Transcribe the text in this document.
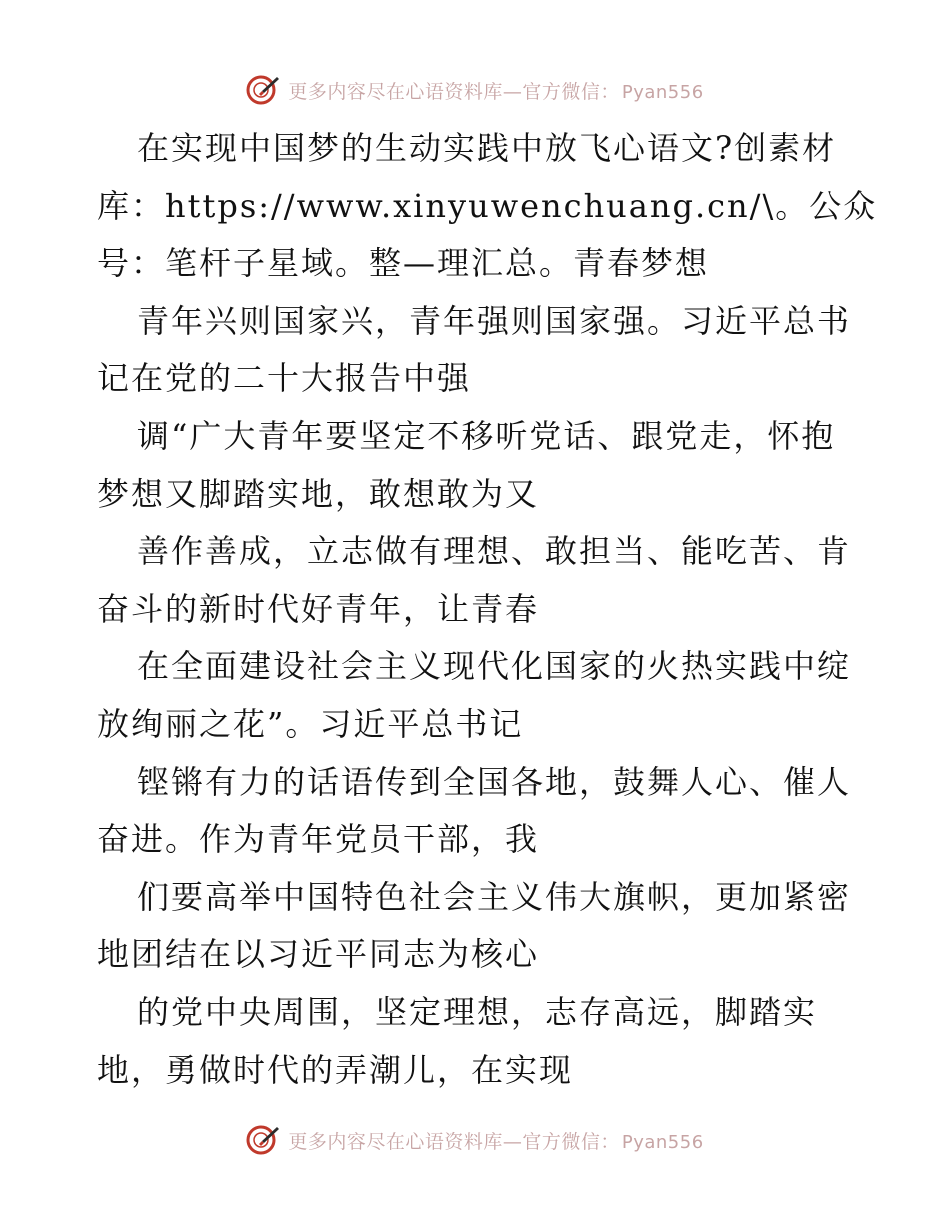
更多内容尽在心语资料库 — 官方微信： Pyan556
在实现中国梦的生动实践中放飞心语文?创素材
库：https://www.xinyuwenchuang.cn/\。公众
号：笔杆子星域。整—理汇总。青春梦想
青年兴则国家兴，青年强则国家强。习近平总书
记在党的二十大报告中强
调“广大青年要坚定不移听党话、跟党走，怀抱
梦想又脚踏实地，敢想敢为又
善作善成，立志做有理想、敢担当、能吃苦、肯
奋斗的新时代好青年，让青春
在全面建设社会主义现代化国家的火热实践中绽
放绚丽之花”。习近平总书记
铿锵有力的话语传到全国各地，鼓舞人心、催人
奋进。作为青年党员干部，我
们要高举中国特色社会主义伟大旗帜，更加紧密
地团结在以习近平同志为核心
的党中央周围，坚定理想，志存高远，脚踏实
地，勇做时代的弄潮儿，在实现
更多内容尽在心语资料库 — 官方微信： Pyan556
